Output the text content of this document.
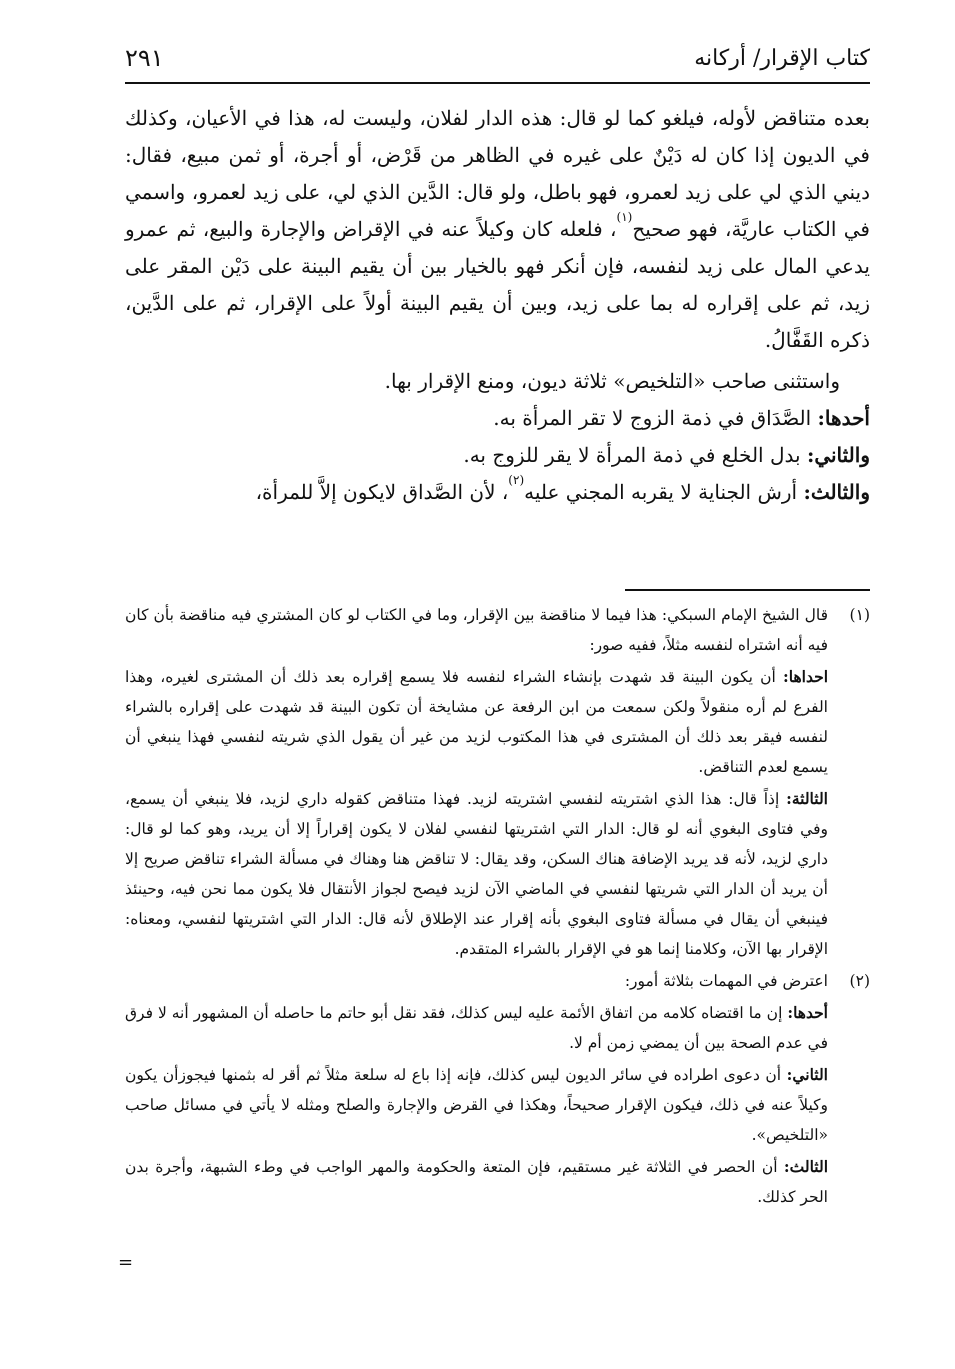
كتاب الإقرار/ أركانه
٢٩١

بعده متناقض لأوله، فيلغو كما لو قال: هذه الدار لفلان، وليست له، هذا في الأعيان، وكذلك في الديون إذا كان له دَيْنٌ على غيره في الظاهر من قَرْض، أو أجرة، أو ثمن مبيع، فقال: ديني الذي لي على زيد لعمرو، فهو باطل، ولو قال: الدَّين الذي لي، على زيد لعمرو، واسمي في الكتاب عاريَّة، فهو صحيح$^{(١)}$، فلعله كان وكيلاً عنه في الإقراض والإجارة والبيع، ثم عمرو يدعي المال على زيد لنفسه، فإن أنكر فهو بالخيار بين أن يقيم البينة على دَيْن المقر على زيد، ثم على إقراره له بما على زيد، وبين أن يقيم البينة أولاً على الإقرار، ثم على الدَّين، ذكره القَفَّالُ.

واستثنى صاحب «التلخيص» ثلاثة ديون، ومنع الإقرار بها.

أحدها: الصَّدَاق في ذمة الزوج لا تقر المرأة به.

والثاني: بدل الخلع في ذمة المرأة لا يقر للزوج به.

والثالث: أرش الجناية لا يقربه المجني عليه$^{(٢)}$، لأن الصَّداق لايكون إلاَّ للمرأة،

(١)

قال الشيخ الإمام السبكي: هذا فيما لا مناقضة بين الإقرار، وما في الكتاب لو كان المشتري فيه مناقضة بأن كان فيه أنه اشتراه لنفسه مثلاً، ففيه صور:

احداها: أن يكون البينة قد شهدت بإنشاء الشراء لنفسه فلا يسمع إقراره بعد ذلك أن المشترى لغيره، وهذا الفرع لم أره منقولاً ولكن سمعت من ابن الرفعة عن مشايخة أن تكون البينة قد شهدت على إقراره بالشراء لنفسه فيقر بعد ذلك أن المشترى في هذا المكتوب لزيد من غير أن يقول الذي شريته لنفسي فهذا ينبغي أن يسمع لعدم التناقض.

الثالثة: إذاً قال: هذا الذي اشتريته لنفسي اشتريته لزيد. فهذا متناقض كقوله داري لزيد، فلا ينبغي أن يسمع، وفي فتاوى البغوي أنه لو قال: الدار التي اشتريتها لنفسي لفلان لا يكون إقراراً إلا أن يريد، وهو كما لو قال: داري لزيد، لأنه قد يريد الإضافة هناك السكن، وقد يقال: لا تناقض هنا وهناك في مسألة الشراء تناقض صريح إلا أن يريد أن الدار التي شريتها لنفسي في الماضي الآن لزيد فيصح لجواز الأنتقال فلا يكون مما نحن فيه، وحينئذ فينبغي أن يقال في مسألة فتاوى البغوي بأنه إقرار عند الإطلاق لأنه قال: الدار التي اشتريتها لنفسي، ومعناه: الإقرار بها الآن، وكلامنا إنما هو في الإقرار بالشراء المتقدم.

(٢)

اعترض في المهمات بثلاثة أمور:

أحدها: إن ما اقتضاه كلامه من اتفاق الأئمة عليه ليس كذلك، فقد نقل أبو حاتم ما حاصله أن المشهور أنه لا فرق في عدم الصحة بين أن يمضي زمن أم لا.

الثاني: أن دعوى اطراده في سائر الديون ليس كذلك، فإنه إذا باع له سلعة مثلاً ثم أقر له بثمنها فيجوزأن يكون وكيلاً عنه في ذلك، فيكون الإقرار صحيحاً، وهكذا في القرض والإجارة والصلح ومثله لا يأتي في مسائل صاحب «التلخيص».

الثالث: أن الحصر في الثلاثة غير مستقيم، فإن المتعة والحكومة والمهر الواجب في وطء الشبهة، وأجرة بدن الحر كذلك.

=
